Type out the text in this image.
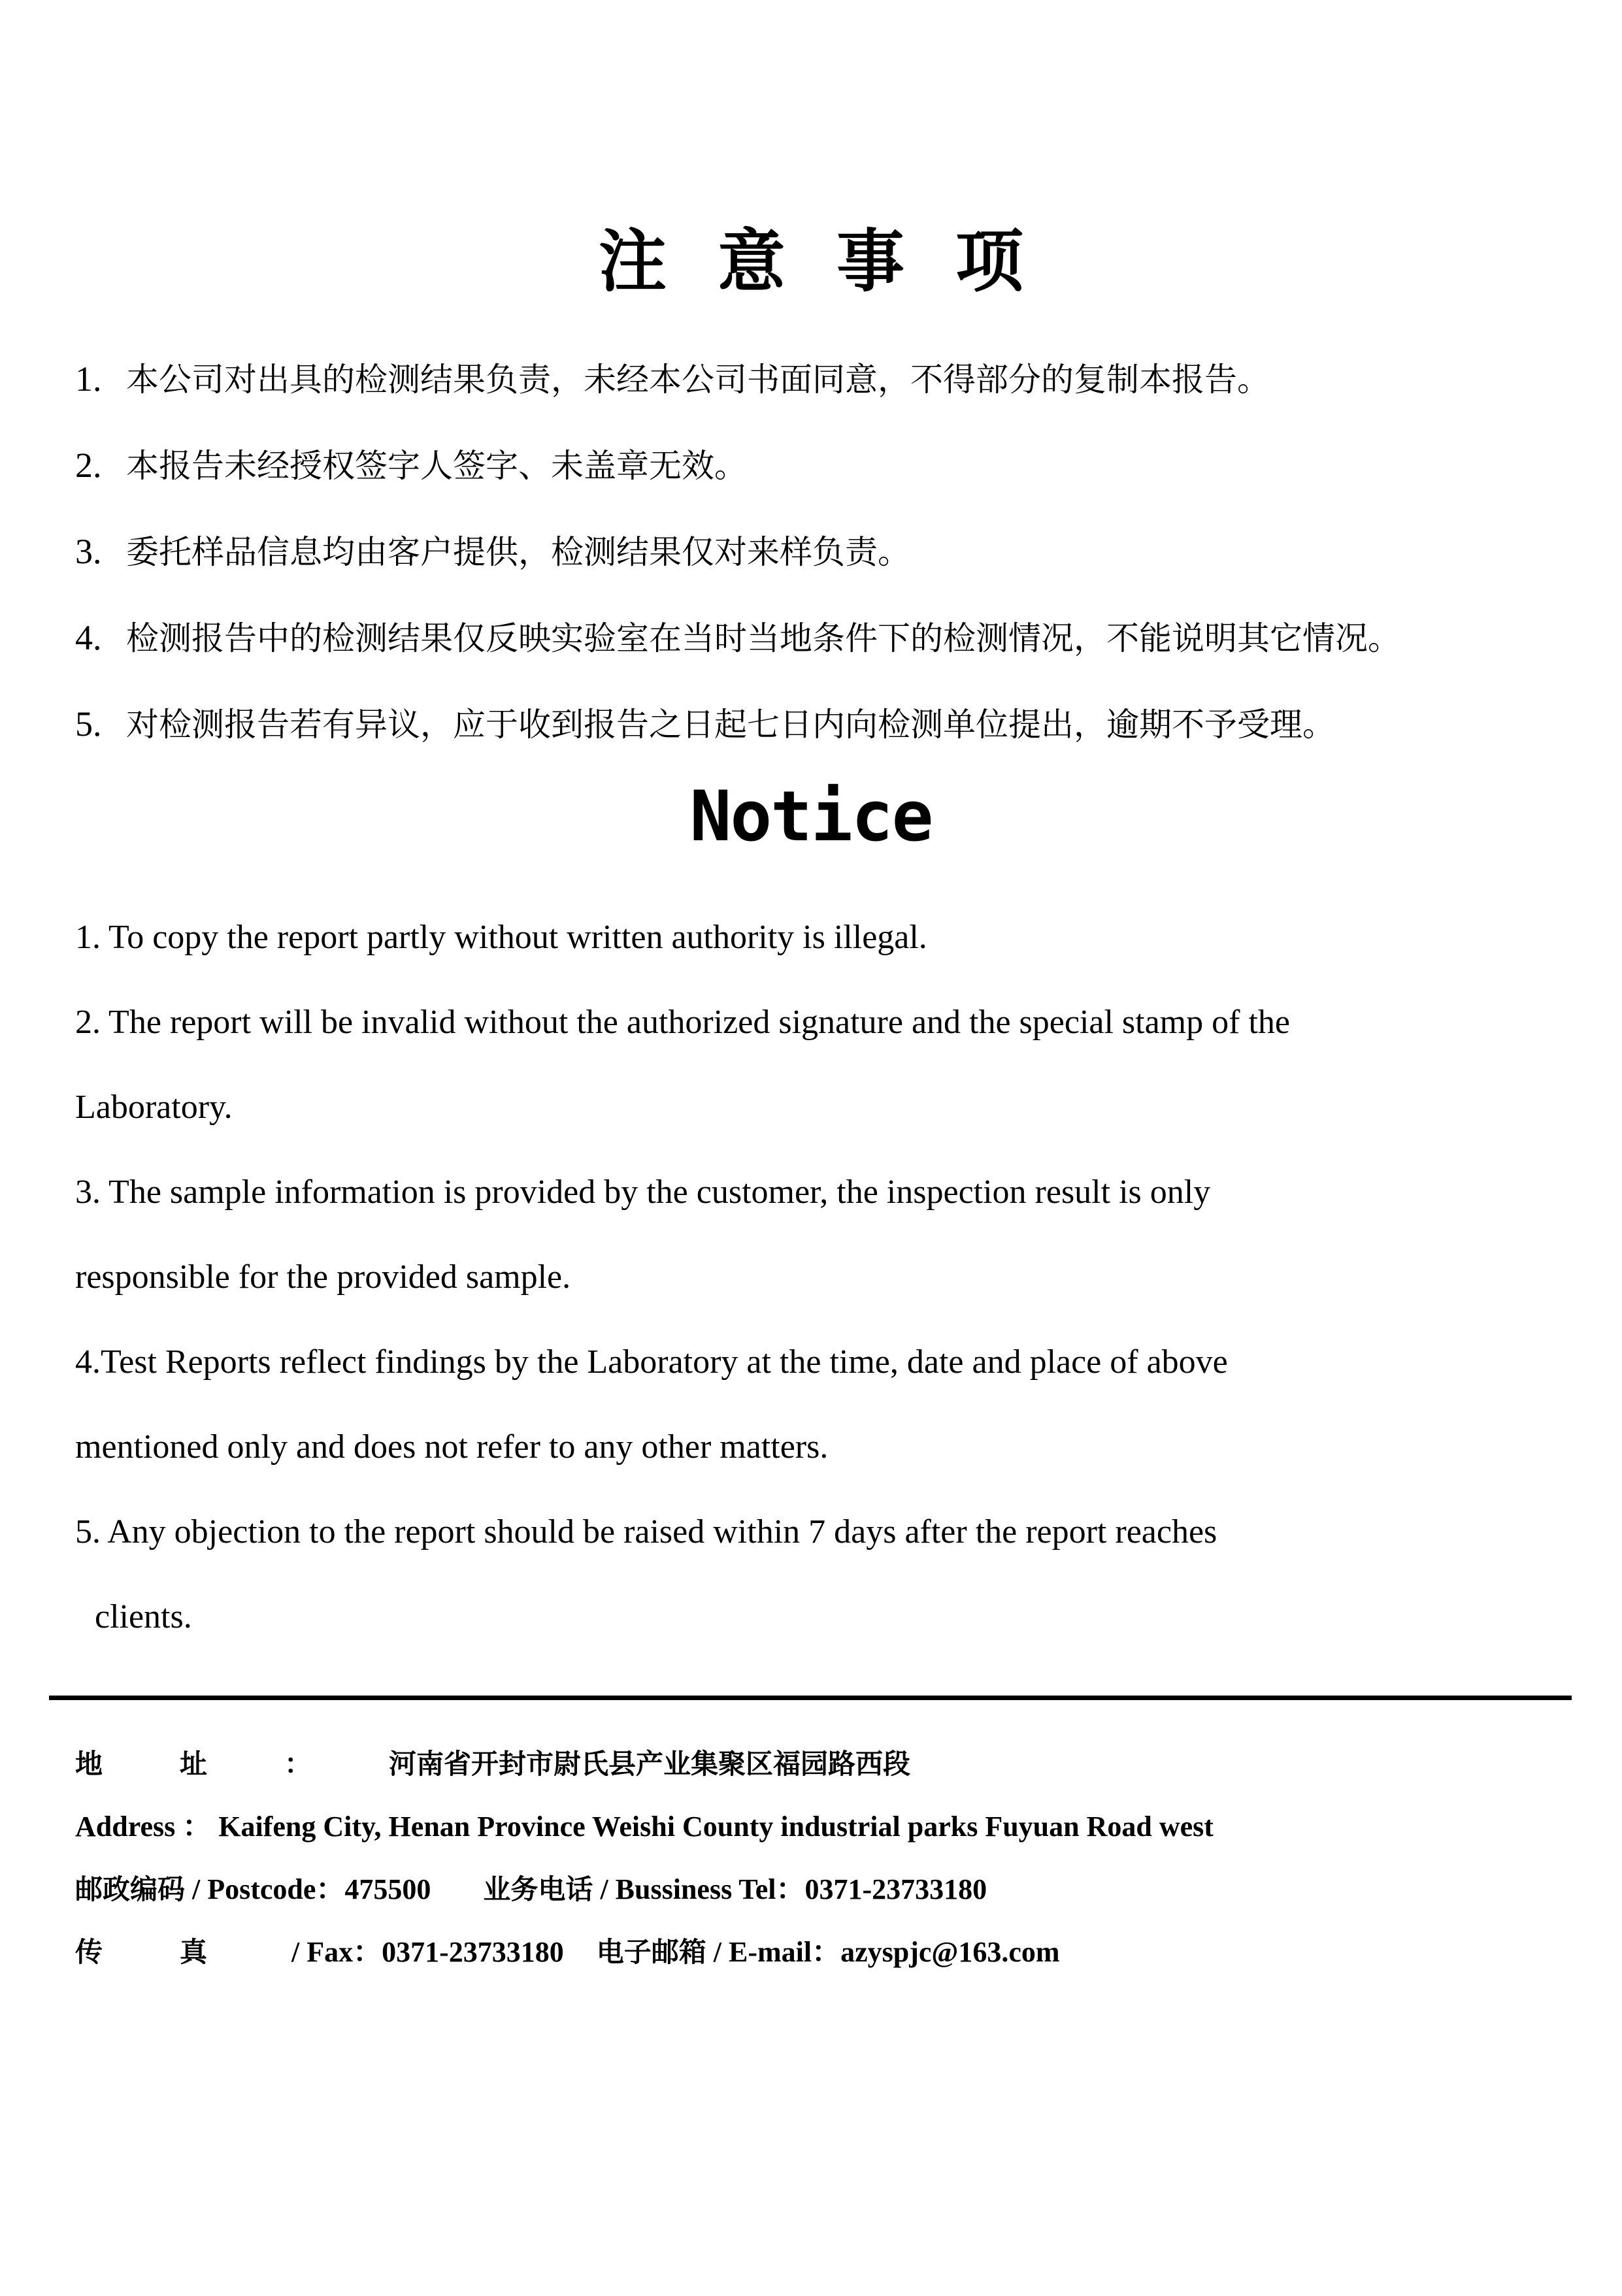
注意事项
1. 本公司对出具的检测结果负责，未经本公司书面同意，不得部分的复制本报告。
2. 本报告未经授权签字人签字、未盖章无效。
3. 委托样品信息均由客户提供，检测结果仅对来样负责。
4. 检测报告中的检测结果仅反映实验室在当时当地条件下的检测情况，不能说明其它情况。
5. 对检测报告若有异议，应于收到报告之日起七日内向检测单位提出，逾期不予受理。
Notice
1. To copy the report partly without written authority is illegal.
2. The report will be invalid without the authorized signature and the special stamp of the
Laboratory.
3. The sample information is provided by the customer, the inspection result is only
responsible for the provided sample.
4.Test Reports reflect findings by the Laboratory at the time, date and place of above
mentioned only and does not refer to any other matters.
5. Any objection to the report should be raised within 7 days after the report reaches
clients.
地址：河南省开封市尉氏县产业集聚区福园路西段
Address ： Kaifeng City, Henan Province Weishi County industrial parks Fuyuan Road west
邮政编码 / Postcode：475500 业务电话 / Bussiness Tel：0371-23733180
传真 / Fax：0371-23733180 电子邮箱 / E-mail：azyspjc@163.com
